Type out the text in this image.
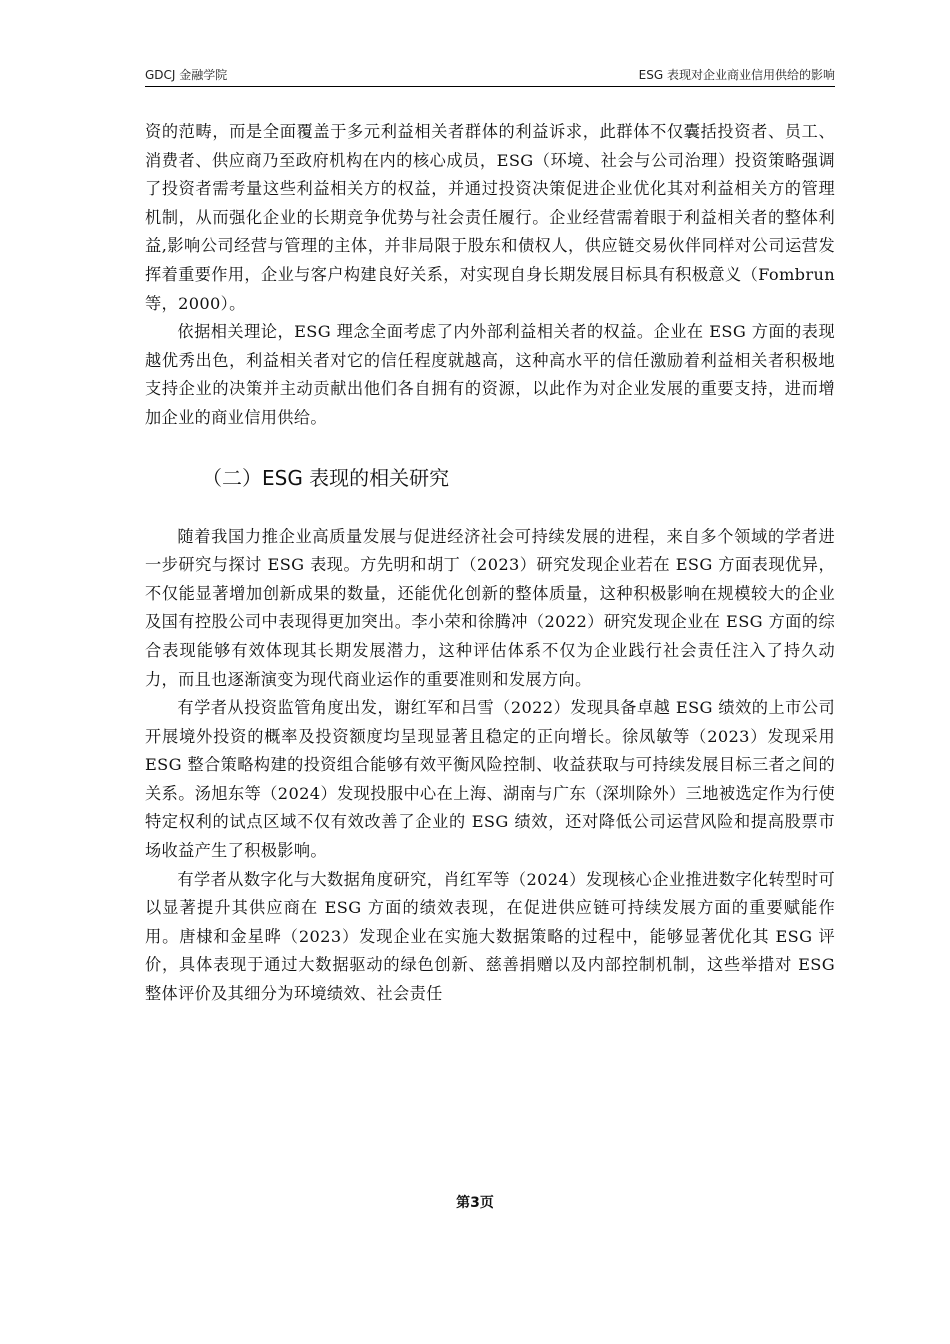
GDCJ 金融学院	ESG 表现对企业商业信用供给的影响

资的范畴，而是全面覆盖于多元利益相关者群体的利益诉求，此群体不仅囊括投资者、员工、消费者、供应商乃至政府机构在内的核心成员，ESG（环境、社会与公司治理）投资策略强调了投资者需考量这些利益相关方的权益，并通过投资决策促进企业优化其对利益相关方的管理机制，从而强化企业的长期竞争优势与社会责任履行。企业经营需着眼于利益相关者的整体利益,影响公司经营与管理的主体，并非局限于股东和债权人，供应链交易伙伴同样对公司运营发挥着重要作用，企业与客户构建良好关系，对实现自身长期发展目标具有积极意义（Fombrun 等，2000）。

依据相关理论，ESG 理念全面考虑了内外部利益相关者的权益。企业在 ESG 方面的表现越优秀出色，利益相关者对它的信任程度就越高，这种高水平的信任激励着利益相关者积极地支持企业的决策并主动贡献出他们各自拥有的资源，以此作为对企业发展的重要支持，进而增加企业的商业信用供给。

（二）ESG 表现的相关研究

随着我国力推企业高质量发展与促进经济社会可持续发展的进程，来自多个领域的学者进一步研究与探讨 ESG 表现。方先明和胡丁（2023）研究发现企业若在 ESG 方面表现优异，不仅能显著增加创新成果的数量，还能优化创新的整体质量，这种积极影响在规模较大的企业及国有控股公司中表现得更加突出。李小荣和徐腾冲（2022）研究发现企业在 ESG 方面的综合表现能够有效体现其长期发展潜力，这种评估体系不仅为企业践行社会责任注入了持久动力，而且也逐渐演变为现代商业运作的重要准则和发展方向。

有学者从投资监管角度出发，谢红军和吕雪（2022）发现具备卓越 ESG 绩效的上市公司开展境外投资的概率及投资额度均呈现显著且稳定的正向增长。徐凤敏等（2023）发现采用 ESG 整合策略构建的投资组合能够有效平衡风险控制、收益获取与可持续发展目标三者之间的关系。汤旭东等（2024）发现投服中心在上海、湖南与广东（深圳除外）三地被选定作为行使特定权利的试点区域不仅有效改善了企业的 ESG 绩效，还对降低公司运营风险和提高股票市场收益产生了积极影响。

有学者从数字化与大数据角度研究，肖红军等（2024）发现核心企业推进数字化转型时可以显著提升其供应商在 ESG 方面的绩效表现，在促进供应链可持续发展方面的重要赋能作用。唐棣和金星晔（2023）发现企业在实施大数据策略的过程中，能够显著优化其 ESG 评价，具体表现于通过大数据驱动的绿色创新、慈善捐赠以及内部控制机制，这些举措对 ESG 整体评价及其细分为环境绩效、社会责任

第3页
